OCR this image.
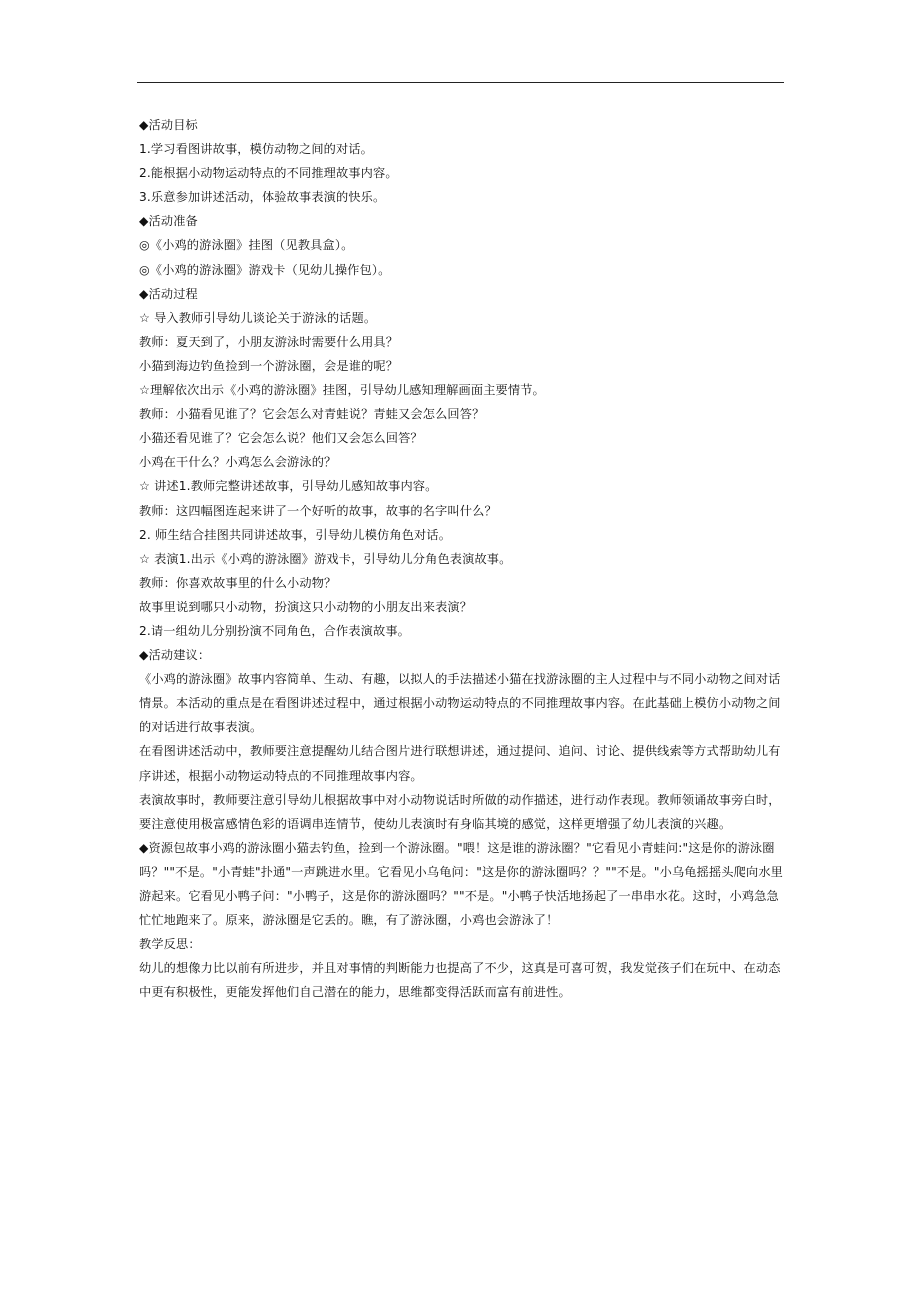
◆活动目标

1.学习看图讲故事，模仿动物之间的对话。

2.能根据小动物运动特点的不同推理故事内容。

3.乐意参加讲述活动，体验故事表演的快乐。

◆活动准备

◎《小鸡的游泳圈》挂图（见教具盒）。

◎《小鸡的游泳圈》游戏卡（见幼儿操作包）。

◆活动过程

☆ 导入教师引导幼儿谈论关于游泳的话题。

教师：夏天到了，小朋友游泳时需要什么用具？

小猫到海边钓鱼捡到一个游泳圈，会是谁的呢？

☆理解依次出示《小鸡的游泳圈》挂图，引导幼儿感知理解画面主要情节。

教师：小猫看见谁了？它会怎么对青蛙说？青蛙又会怎么回答？

小猫还看见谁了？它会怎么说？他们又会怎么回答？

小鸡在干什么？小鸡怎么会游泳的？

☆ 讲述1.教师完整讲述故事，引导幼儿感知故事内容。

教师：这四幅图连起来讲了一个好听的故事，故事的名字叫什么？

2. 师生结合挂图共同讲述故事，引导幼儿模仿角色对话。

☆ 表演1.出示《小鸡的游泳圈》游戏卡，引导幼儿分角色表演故事。

教师：你喜欢故事里的什么小动物？

故事里说到哪只小动物，扮演这只小动物的小朋友出来表演？

2.请一组幼儿分别扮演不同角色，合作表演故事。

◆活动建议：

《小鸡的游泳圈》故事内容简单、生动、有趣，以拟人的手法描述小猫在找游泳圈的主人过程中与不同小动物之间对话

情景。本活动的重点是在看图讲述过程中，通过根据小动物运动特点的不同推理故事内容。在此基础上模仿小动物之间

的对话进行故事表演。

在看图讲述活动中，教师要注意提醒幼儿结合图片进行联想讲述，通过提问、追问、讨论、提供线索等方式帮助幼儿有

序讲述，根据小动物运动特点的不同推理故事内容。

表演故事时，教师要注意引导幼儿根据故事中对小动物说话时所做的动作描述，进行动作表现。教师领诵故事旁白时，

要注意使用极富感情色彩的语调串连情节，使幼儿表演时有身临其境的感觉，这样更增强了幼儿表演的兴趣。

◆资源包故事小鸡的游泳圈小猫去钓鱼，捡到一个游泳圈。"喂！这是谁的游泳圈？"它看见小青蛙问:"这是你的游泳圈

吗？""不是。"小青蛙"扑通"一声跳进水里。它看见小乌龟问："这是你的游泳圈吗？？""不是。"小乌龟摇摇头爬向水里

游起来。它看见小鸭子问："小鸭子，这是你的游泳圈吗？""不是。"小鸭子快活地扬起了一串串水花。这时，小鸡急急

忙忙地跑来了。原来，游泳圈是它丢的。瞧，有了游泳圈，小鸡也会游泳了！

教学反思：

幼儿的想像力比以前有所进步，并且对事情的判断能力也提高了不少，这真是可喜可贺，我发觉孩子们在玩中、在动态

中更有积极性，更能发挥他们自己潜在的能力，思维都变得活跃而富有前进性。
